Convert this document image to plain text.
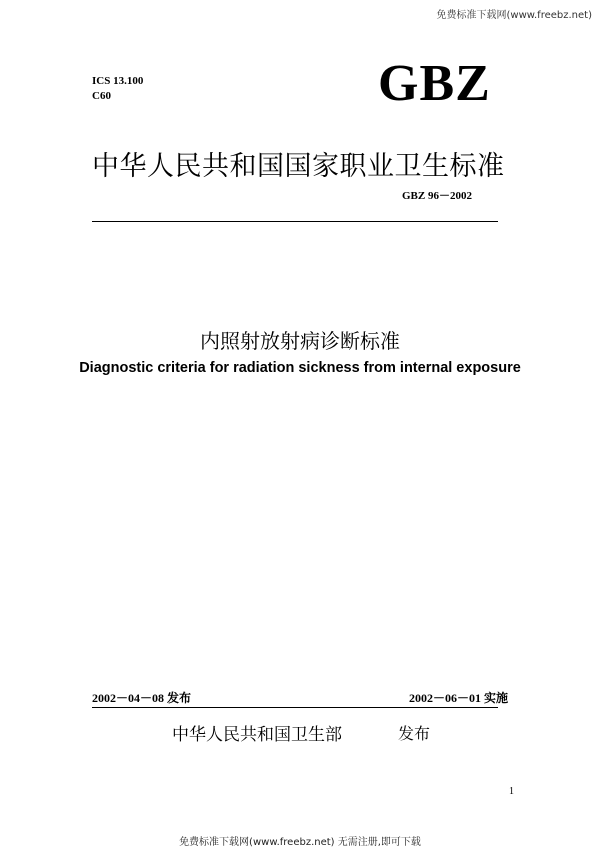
免费标准下载网(www.freebz.net)
ICS 13.100
C60	GBZ
中华人民共和国国家职业卫生标准
GBZ 96－2002
内照射放射病诊断标准
Diagnostic criteria for radiation sickness from internal exposure
2002－04－08 发布	2002－06－01 实施
中华人民共和国卫生部	发布
1
免费标准下载网(www.freebz.net) 无需注册,即可下载
